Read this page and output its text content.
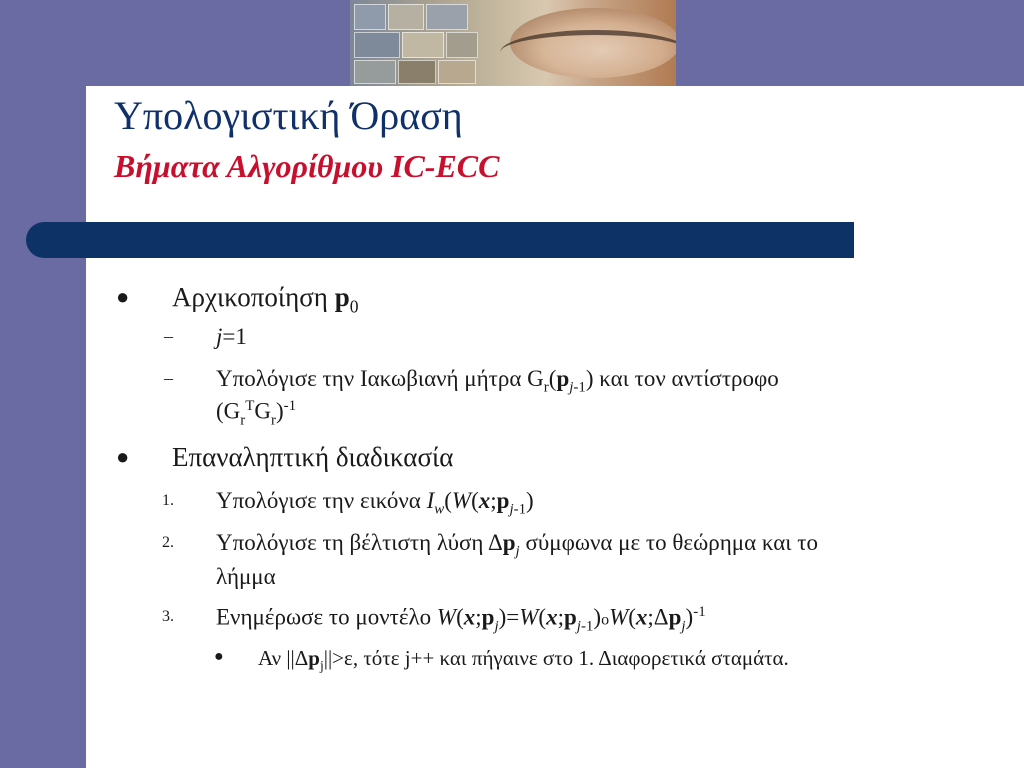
Υπολογιστική Όραση
Βήματα Αλγορίθμου IC-ECC
● Αρχικοποίηση $p_0$
– j=1
– Υπολόγισε την Ιακωβιανή μήτρα $G_r(p_{j-1})$ και τον αντίστροφο
$(G_r^TG_r)^{-1}$
● Επαναληπτική διαδικασία
1. Υπολόγισε την εικόνα $I_w(W(x;p_{j-1})$
2. Υπολόγισε τη βέλτιστη λύση $\Delta p_j$ σύμφωνα με το θεώρημα και το
λήμμα
3. Ενημέρωσε το μοντέλο $W(x;p_j)=W(x;p_{j-1})oW(x;\Delta p_j)^{-1}$
● Αν $||\Delta p_j||>\varepsilon$, τότε j++ και πήγαινε στο 1. Διαφορετικά σταμάτα.
